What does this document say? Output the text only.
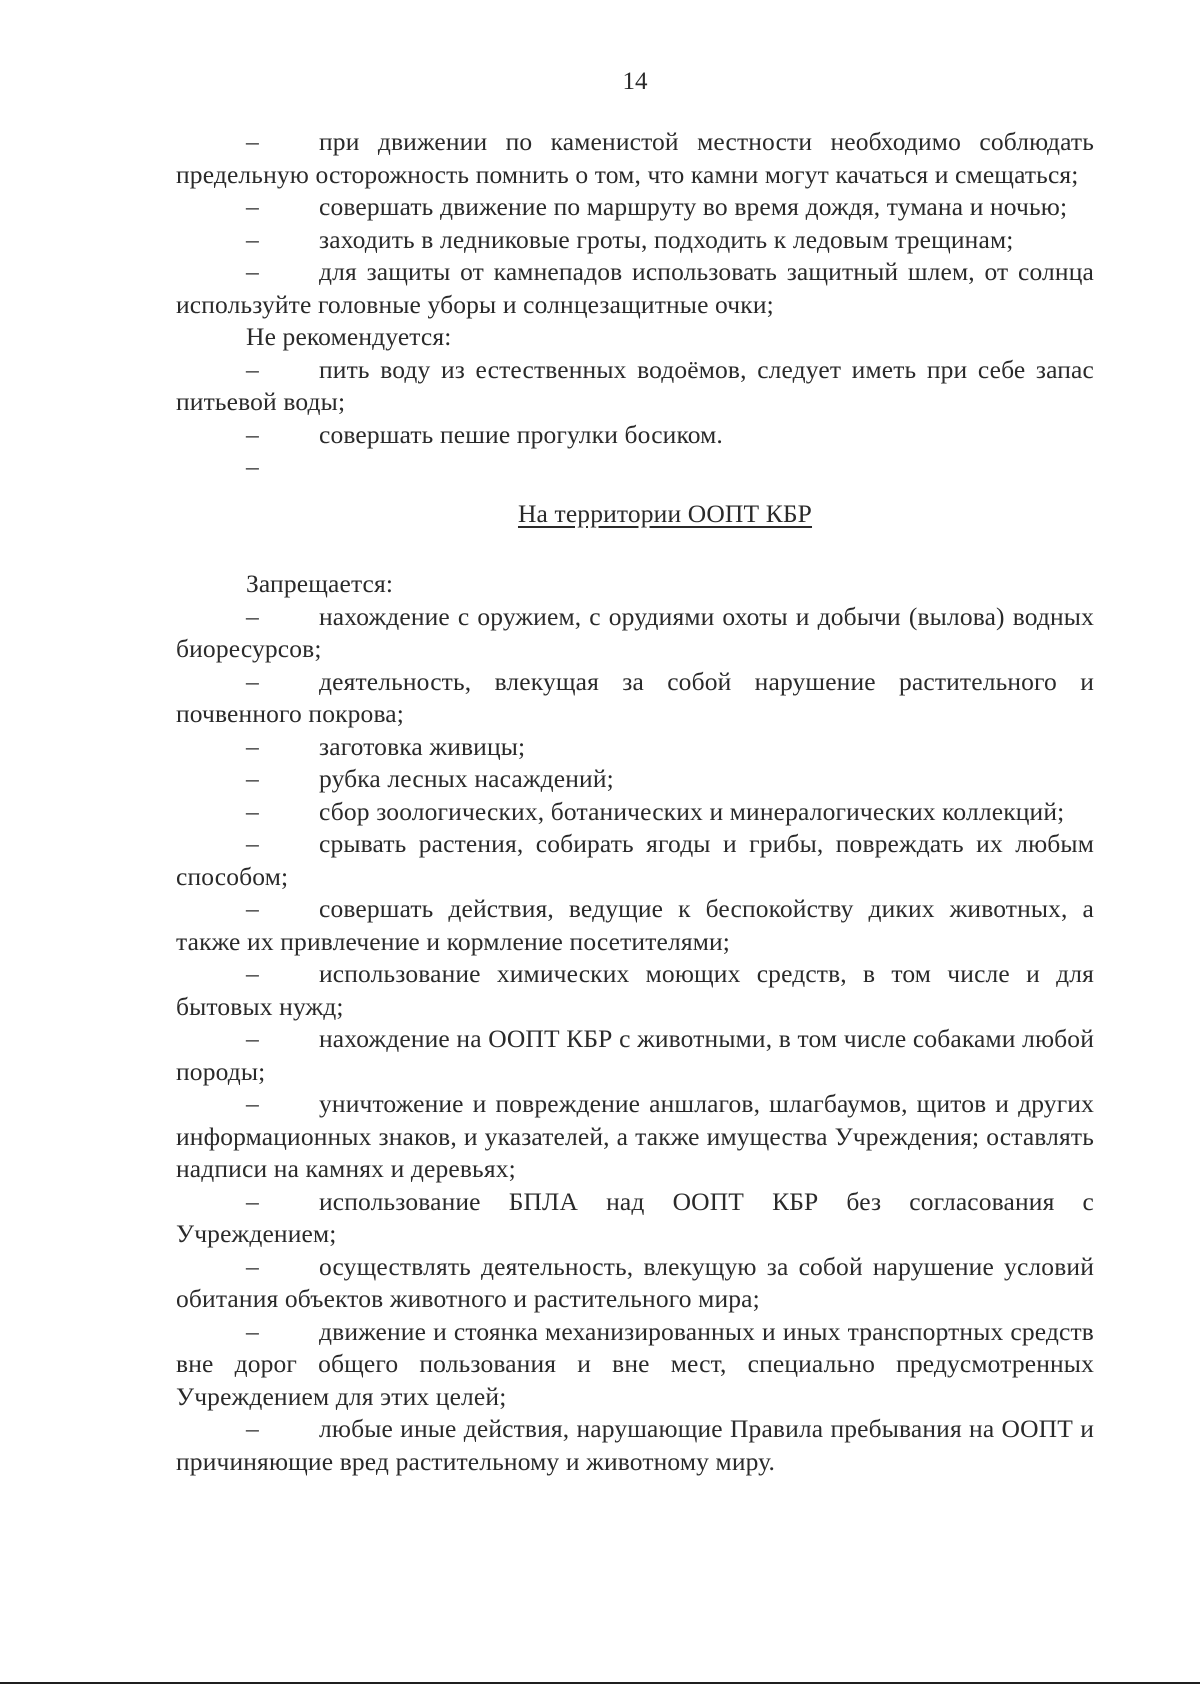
14

– при движении по каменистой местности необходимо соблюдать предельную осторожность помнить о том, что камни могут качаться и смещаться;

– совершать движение по маршруту во время дождя, тумана и ночью;

– заходить в ледниковые гроты, подходить к ледовым трещинам;

– для защиты от камнепадов использовать защитный шлем, от солнца используйте головные уборы и солнцезащитные очки;

Не рекомендуется:

– пить воду из естественных водоёмов, следует иметь при себе запас питьевой воды;

– совершать пешие прогулки босиком.

–

На территории ООПТ КБР

Запрещается:

– нахождение с оружием, с орудиями охоты и добычи (вылова) водных биоресурсов;

– деятельность, влекущая за собой нарушение растительного и почвенного покрова;

– заготовка живицы;

– рубка лесных насаждений;

– сбор зоологических, ботанических и минералогических коллекций;

– срывать растения, собирать ягоды и грибы, повреждать их любым способом;

– совершать действия, ведущие к беспокойству диких животных, а также их привлечение и кормление посетителями;

– использование химических моющих средств, в том числе и для бытовых нужд;

– нахождение на ООПТ КБР с животными, в том числе собаками любой породы;

– уничтожение и повреждение аншлагов, шлагбаумов, щитов и других информационных знаков, и указателей, а также имущества Учреждения; оставлять надписи на камнях и деревьях;

– использование БПЛА над ООПТ КБР без согласования с Учреждением;

– осуществлять деятельность, влекущую за собой нарушение условий обитания объектов животного и растительного мира;

– движение и стоянка механизированных и иных транспортных средств вне дорог общего пользования и вне мест, специально предусмотренных Учреждением для этих целей;

– любые иные действия, нарушающие Правила пребывания на ООПТ и причиняющие вред растительному и животному миру.
